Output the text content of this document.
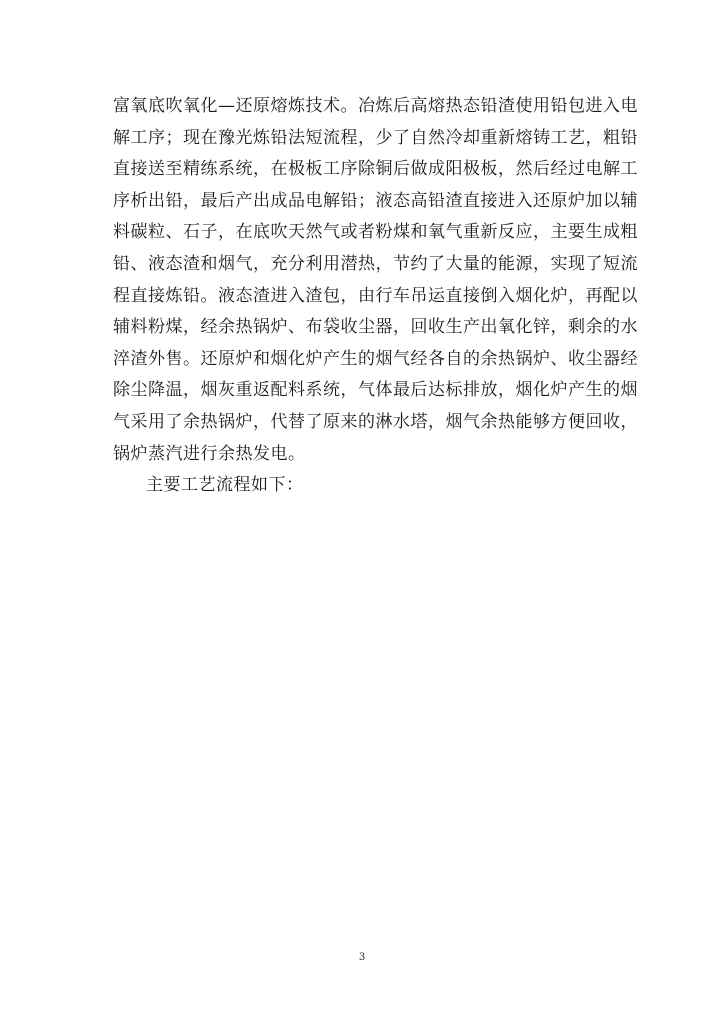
富氧底吹氧化—还原熔炼技术。冶炼后高熔热态铅渣使用铅包进入电
解工序；现在豫光炼铅法短流程，少了自然冷却重新熔铸工艺，粗铅
直接送至精练系统，在极板工序除铜后做成阳极板，然后经过电解工
序析出铅，最后产出成品电解铅；液态高铅渣直接进入还原炉加以辅
料碳粒、石子，在底吹天然气或者粉煤和氧气重新反应，主要生成粗
铅、液态渣和烟气，充分利用潜热，节约了大量的能源，实现了短流
程直接炼铅。液态渣进入渣包，由行车吊运直接倒入烟化炉，再配以
辅料粉煤，经余热锅炉、布袋收尘器，回收生产出氧化锌，剩余的水
淬渣外售。还原炉和烟化炉产生的烟气经各自的余热锅炉、收尘器经
除尘降温，烟灰重返配料系统，气体最后达标排放，烟化炉产生的烟
气采用了余热锅炉，代替了原来的淋水塔，烟气余热能够方便回收，
锅炉蒸汽进行余热发电。
主要工艺流程如下：
3
